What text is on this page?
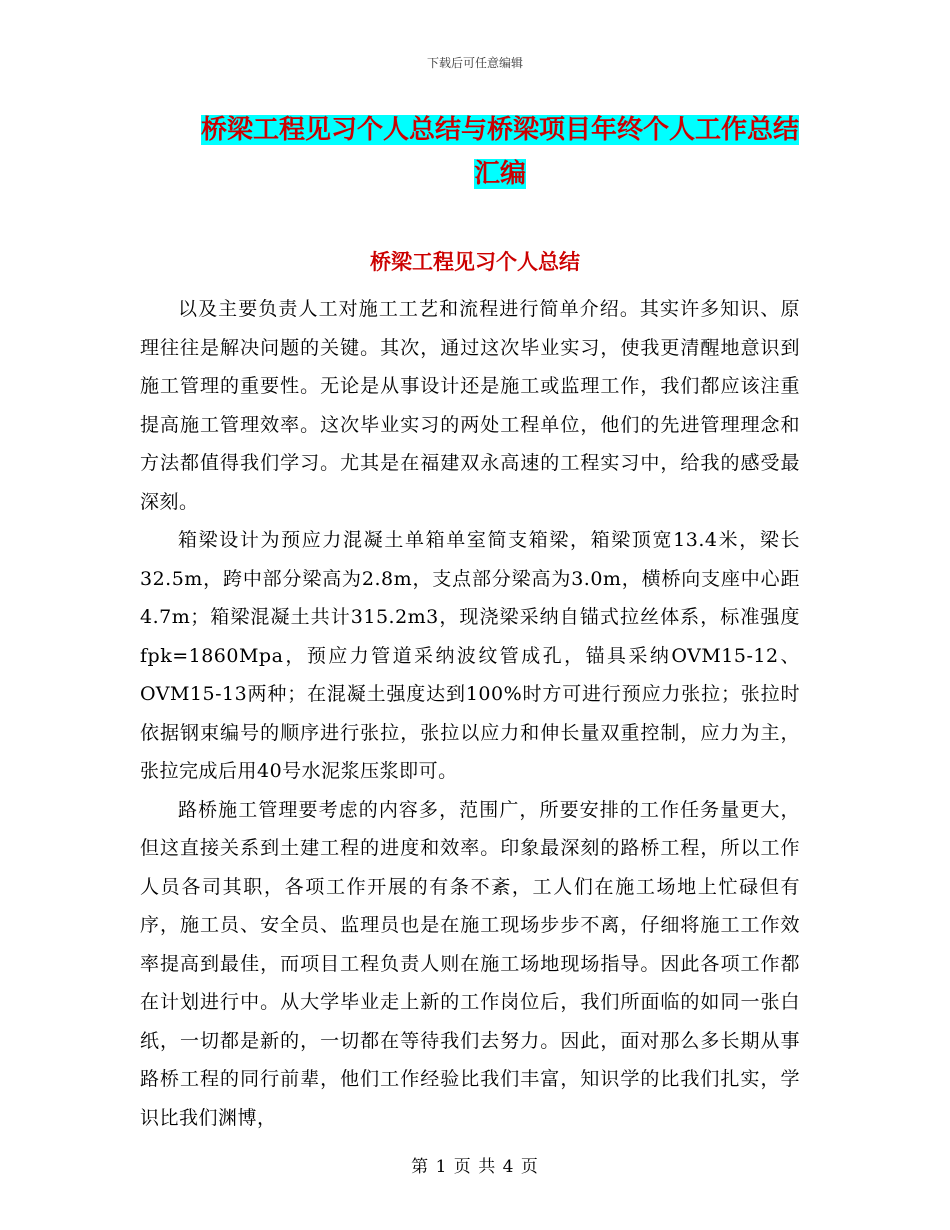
下载后可任意编辑
桥梁工程见习个人总结与桥梁项目年终个人工作总结
汇编
桥梁工程见习个人总结

以及主要负责人工对施工工艺和流程进行简单介绍。其实许多知识、原理往往是解决问题的关键。其次，通过这次毕业实习，使我更清醒地意识到施工管理的重要性。无论是从事设计还是施工或监理工作，我们都应该注重提高施工管理效率。这次毕业实习的两处工程单位，他们的先进管理理念和方法都值得我们学习。尤其是在福建双永高速的工程实习中，给我的感受最深刻。

箱梁设计为预应力混凝土单箱单室简支箱梁，箱梁顶宽13.4米，梁长32.5m，跨中部分梁高为2.8m，支点部分梁高为3.0m，横桥向支座中心距4.7m；箱梁混凝土共计315.2m3，现浇梁采纳自锚式拉丝体系，标准强度fpk=1860Mpa，预应力管道采纳波纹管成孔，锚具采纳OVM15-12、OVM15-13两种；在混凝土强度达到100%时方可进行预应力张拉；张拉时依据钢束编号的顺序进行张拉，张拉以应力和伸长量双重控制，应力为主，张拉完成后用40号水泥浆压浆即可。

路桥施工管理要考虑的内容多，范围广，所要安排的工作任务量更大，但这直接关系到土建工程的进度和效率。印象最深刻的路桥工程，所以工作人员各司其职，各项工作开展的有条不紊，工人们在施工场地上忙碌但有序，施工员、安全员、监理员也是在施工现场步步不离，仔细将施工工作效率提高到最佳，而项目工程负责人则在施工场地现场指导。因此各项工作都在计划进行中。从大学毕业走上新的工作岗位后，我们所面临的如同一张白纸，一切都是新的，一切都在等待我们去努力。因此，面对那么多长期从事路桥工程的同行前辈，他们工作经验比我们丰富，知识学的比我们扎实，学识比我们渊博，

第 1 页 共 4 页
